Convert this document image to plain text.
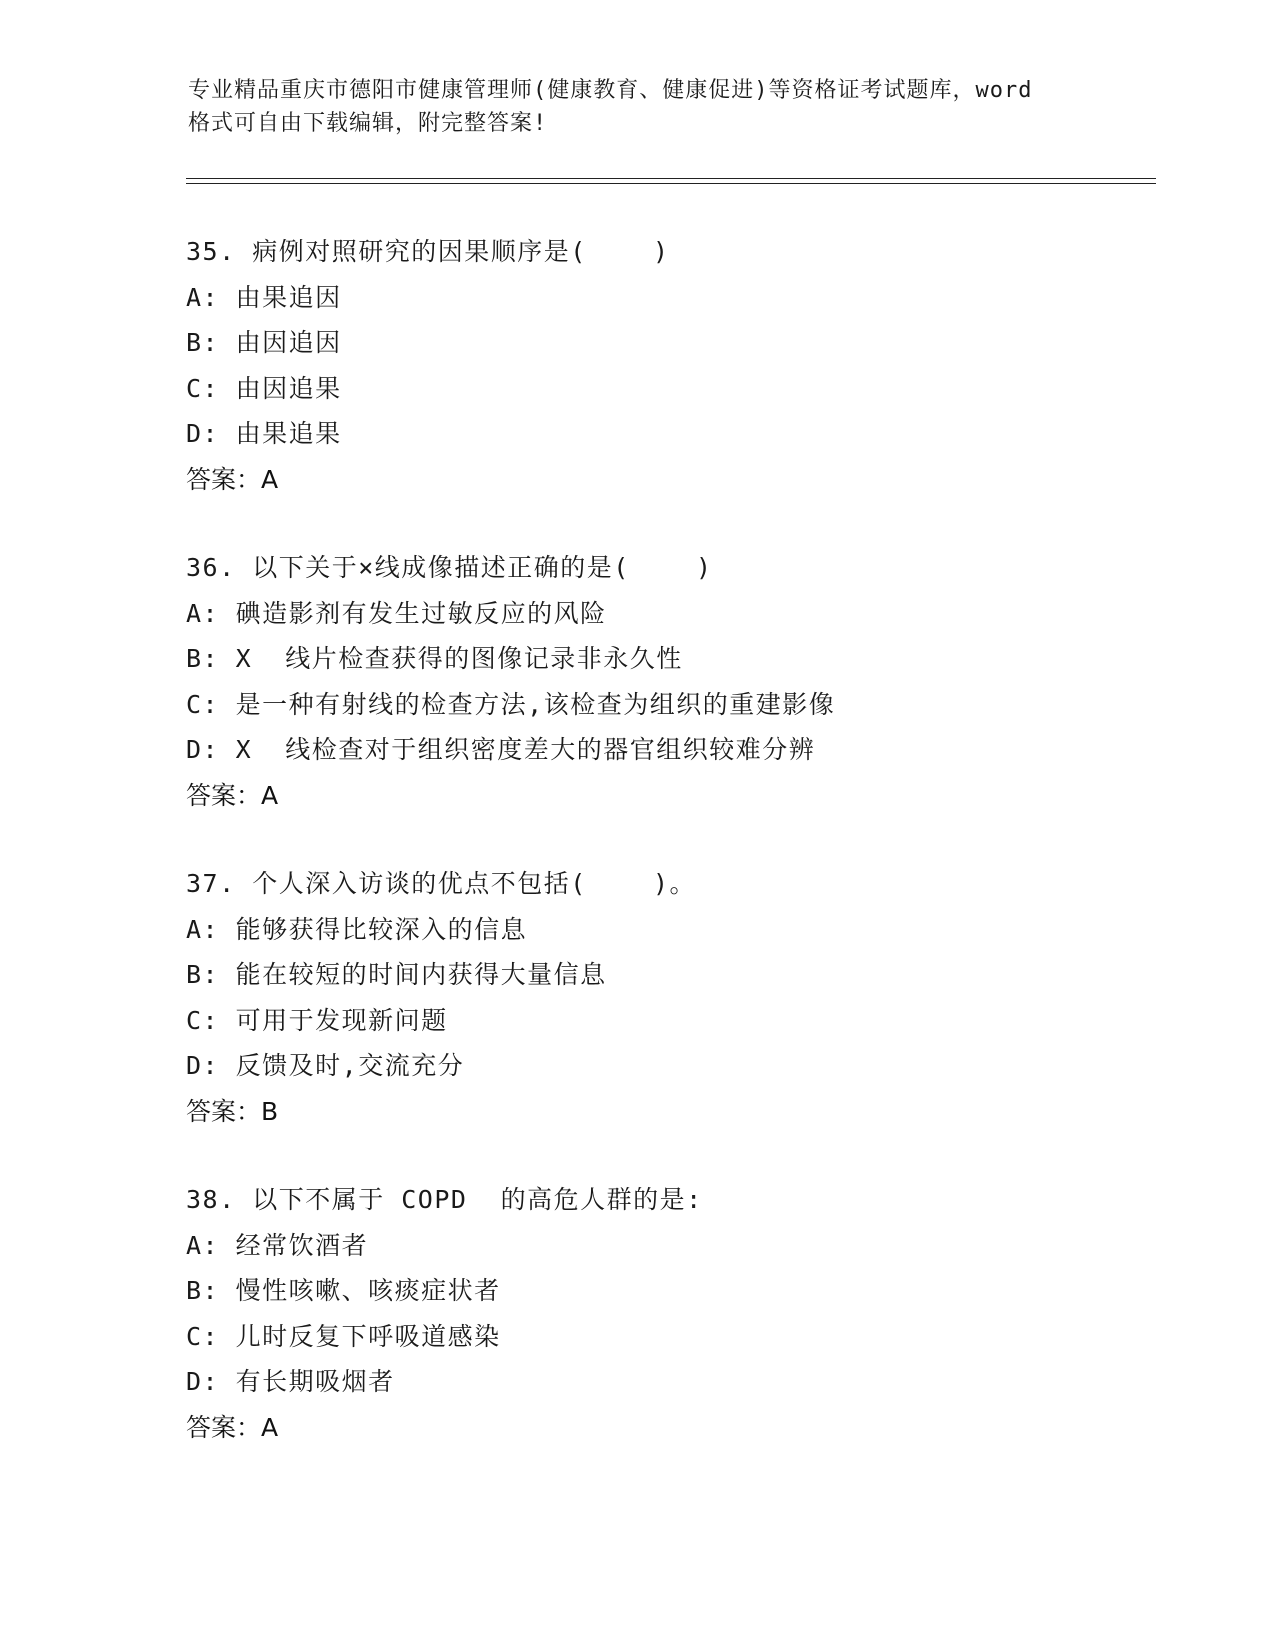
专业精品重庆市德阳市健康管理师(健康教育、健康促进)等资格证考试题库，word
格式可自由下载编辑，附完整答案!
35. 病例对照研究的因果顺序是(    )
A: 由果追因
B: 由因追因
C: 由因追果
D: 由果追果
答案：A
36. 以下关于×线成像描述正确的是(    )
A: 碘造影剂有发生过敏反应的风险
B: X  线片检查获得的图像记录非永久性
C: 是一种有射线的检查方法,该检查为组织的重建影像
D: X  线检查对于组织密度差大的器官组织较难分辨
答案：A
37. 个人深入访谈的优点不包括(    )。
A: 能够获得比较深入的信息
B: 能在较短的时间内获得大量信息
C: 可用于发现新问题
D: 反馈及时,交流充分
答案：B
38. 以下不属于 COPD  的高危人群的是:
A: 经常饮酒者
B: 慢性咳嗽、咳痰症状者
C: 儿时反复下呼吸道感染
D: 有长期吸烟者
答案：A
